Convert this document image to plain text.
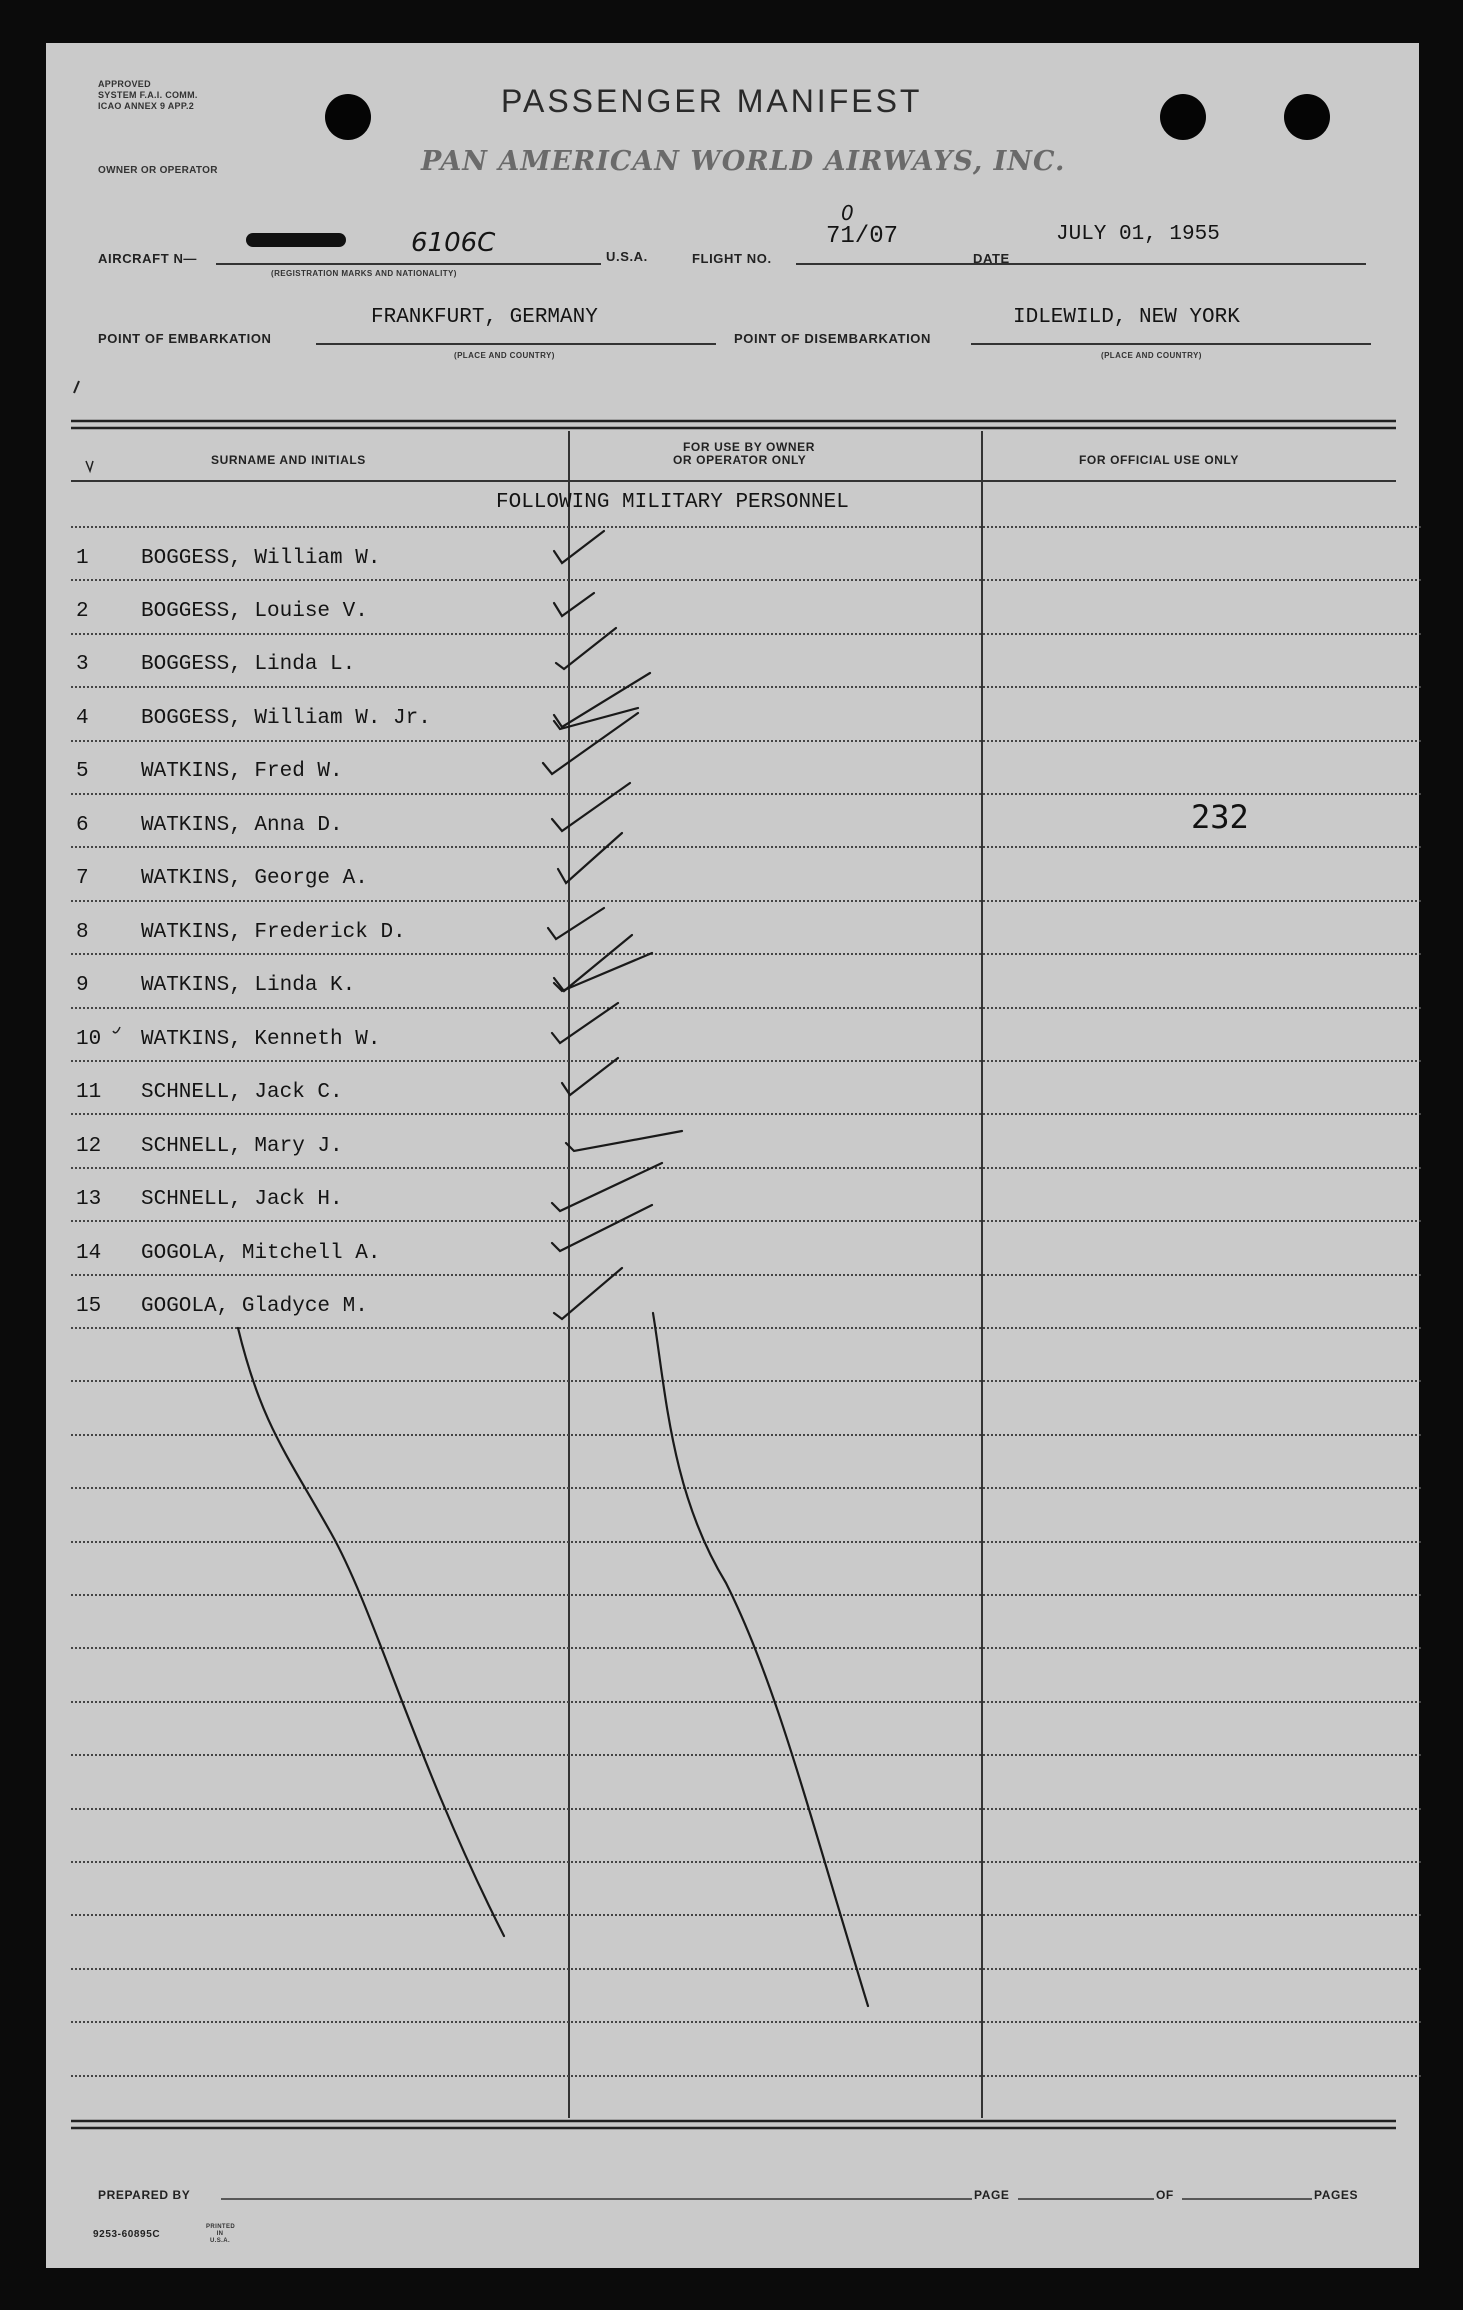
APPROVED
SYSTEM F.A.I. COMM.
ICAO ANNEX 9 APP.2	PASSENGER MANIFEST
OWNER OR OPERATOR	PAN AMERICAN WORLD AIRWAYS, INC.
AIRCRAFT N—
6106C
(REGISTRATION MARKS AND NATIONALITY)
U.S.A.	FLIGHT NO.
71/07
0
DATE
JULY 01, 1955
POINT OF EMBARKATION
FRANKFURT, GERMANY
(PLACE AND COUNTRY)
POINT OF DISEMBARKATION
IDLEWILD, NEW YORK
(PLACE AND COUNTRY)
SURNAME AND INITIALS
FOR USE BY OWNER
OR OPERATOR ONLY	FOR OFFICIAL USE ONLY
FOLLOWING MILITARY PERSONNEL
232
1	BOGGESS, William W.
2	BOGGESS, Louise V.
3	BOGGESS, Linda L.
4	BOGGESS, William W. Jr.
5	WATKINS, Fred W.
6	WATKINS, Anna D.
7	WATKINS, George A.
8	WATKINS, Frederick D.
9	WATKINS, Linda K.
10	WATKINS, Kenneth W.
11	SCHNELL, Jack C.
12	SCHNELL, Mary J.
13	SCHNELL, Jack H.
14	GOGOLA, Mitchell A.
15	GOGOLA, Gladyce M.
PREPARED BY	PAGE	OF	PAGES
9253-60895C
PRINTED IN U.S.A.
